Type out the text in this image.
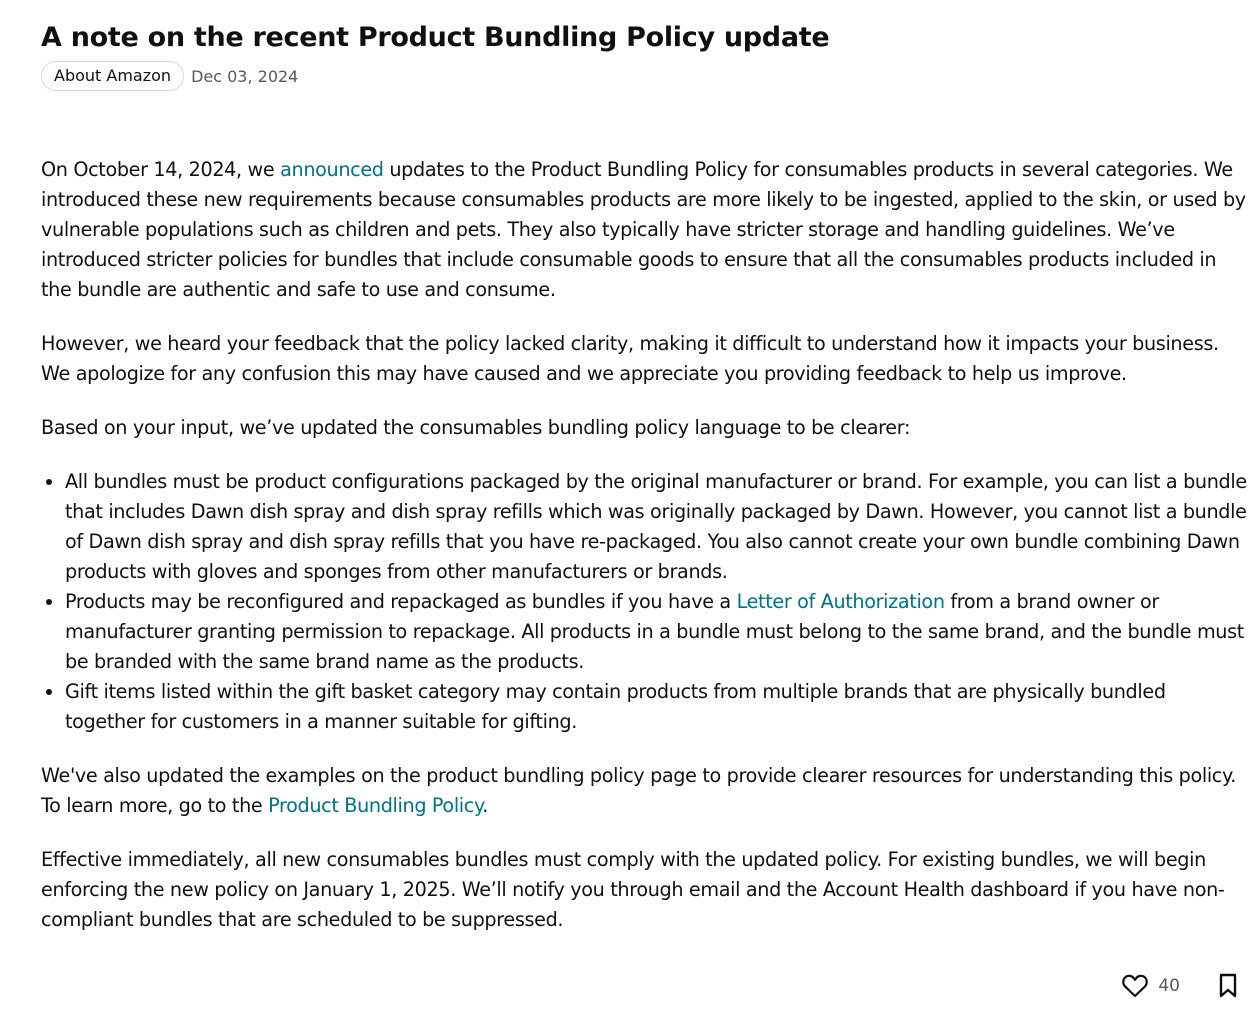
A note on the recent Product Bundling Policy update
About Amazon	Dec 03, 2024

On October 14, 2024, we announced updates to the Product Bundling Policy for consumables products in several categories. We introduced these new requirements because consumables products are more likely to be ingested, applied to the skin, or used by vulnerable populations such as children and pets. They also typically have stricter storage and handling guidelines. We’ve introduced stricter policies for bundles that include consumable goods to ensure that all the consumables products included in the bundle are authentic and safe to use and consume.

However, we heard your feedback that the policy lacked clarity, making it difficult to understand how it impacts your business. We apologize for any confusion this may have caused and we appreciate you providing feedback to help us improve.

Based on your input, we’ve updated the consumables bundling policy language to be clearer:

• All bundles must be product configurations packaged by the original manufacturer or brand. For example, you can list a bundle that includes Dawn dish spray and dish spray refills which was originally packaged by Dawn. However, you cannot list a bundle of Dawn dish spray and dish spray refills that you have re-packaged. You also cannot create your own bundle combining Dawn products with gloves and sponges from other manufacturers or brands.
• Products may be reconfigured and repackaged as bundles if you have a Letter of Authorization from a brand owner or manufacturer granting permission to repackage. All products in a bundle must belong to the same brand, and the bundle must be branded with the same brand name as the products.
• Gift items listed within the gift basket category may contain products from multiple brands that are physically bundled together for customers in a manner suitable for gifting.

We've also updated the examples on the product bundling policy page to provide clearer resources for understanding this policy. To learn more, go to the Product Bundling Policy.

Effective immediately, all new consumables bundles must comply with the updated policy. For existing bundles, we will begin enforcing the new policy on January 1, 2025. We’ll notify you through email and the Account Health dashboard if you have non-compliant bundles that are scheduled to be suppressed.

40
